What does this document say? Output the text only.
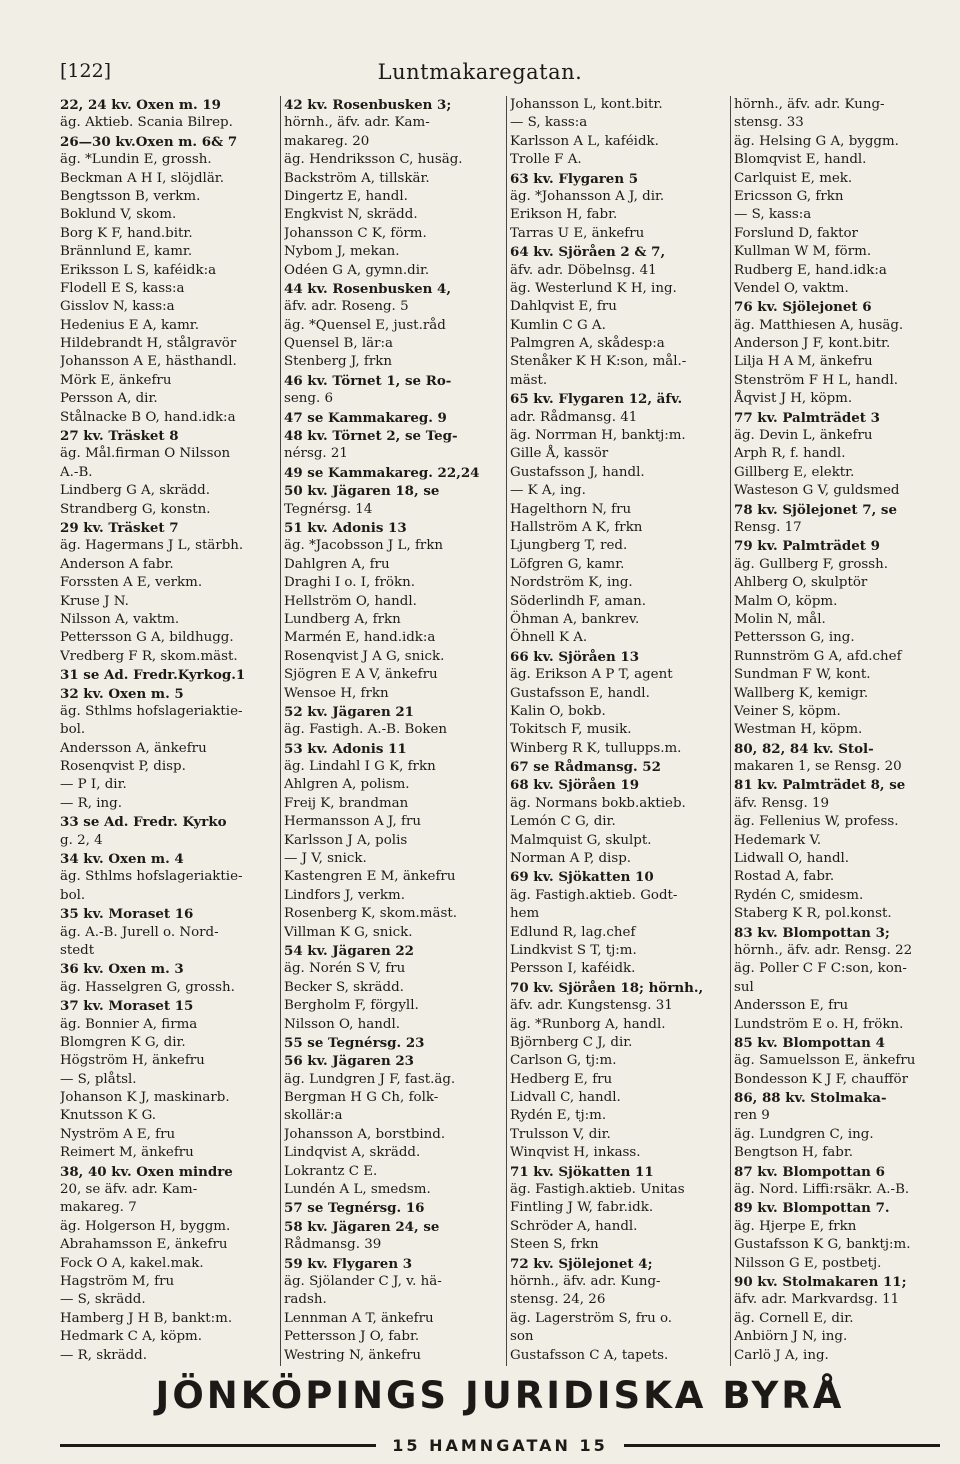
[122]	Luntmakaregatan.
22, 24 kv. Oxen m. 19
äg. Aktieb. Scania Bilrep.
26—30 kv.Oxen m. 6& 7
äg. *Lundin E, grossh.
Beckman A H I, slöjdlär.
Bengtsson B, verkm.
Boklund V, skom.
Borg K F, hand.bitr.
Brännlund E, kamr.
Eriksson L S, kaféidk:a
Flodell E S, kass:a
Gisslov N, kass:a
Hedenius E A, kamr.
Hildebrandt H, stålgravör
Johansson A E, hästhandl.
Mörk E, änkefru
Persson A, dir.
Stålnacke B O, hand.idk:a
27 kv. Träsket 8
äg. Mål.firman O Nilsson
A.-B.
Lindberg G A, skrädd.
Strandberg G, konstn.
29 kv. Träsket 7
äg. Hagermans J L, stärbh.
Anderson A fabr.
Forssten A E, verkm.
Kruse J N.
Nilsson A, vaktm.
Pettersson G A, bildhugg.
Vredberg F R, skom.mäst.
31 se Ad. Fredr.Kyrkog.1
32 kv. Oxen m. 5
äg. Sthlms hofslageriaktie-
bol.
Andersson A, änkefru
Rosenqvist P, disp.
— P I, dir.
— R, ing.
33 se Ad. Fredr. Kyrko
g. 2, 4
34 kv. Oxen m. 4
äg. Sthlms hofslageriaktie-
bol.
35 kv. Moraset 16
äg. A.-B. Jurell o. Nord-
stedt
36 kv. Oxen m. 3
äg. Hasselgren G, grossh.
37 kv. Moraset 15
äg. Bonnier A, firma
Blomgren K G, dir.
Högström H, änkefru
— S, plåtsl.
Johanson K J, maskinarb.
Knutsson K G.
Nyström A E, fru
Reimert M, änkefru
38, 40 kv. Oxen mindre
20, se äfv. adr. Kam-
makareg. 7
äg. Holgerson H, byggm.
Abrahamsson E, änkefru
Fock O A, kakel.mak.
Hagström M, fru
— S, skrädd.
Hamberg J H B, bankt:m.
Hedmark C A, köpm.
— R, skrädd.
42 kv. Rosenbusken 3;
hörnh., äfv. adr. Kam-
makareg. 20
äg. Hendriksson C, husäg.
Backström A, tillskär.
Dingertz E, handl.
Engkvist N, skrädd.
Johansson C K, förm.
Nybom J, mekan.
Odéen G A, gymn.dir.
44 kv. Rosenbusken 4,
äfv. adr. Roseng. 5
äg. *Quensel E, just.råd
Quensel B, lär:a
Stenberg J, frkn
46 kv. Törnet 1, se Ro-
seng. 6
47 se Kammakareg. 9
48 kv. Törnet 2, se Teg-
nérsg. 21
49 se Kammakareg. 22,24
50 kv. Jägaren 18, se
Tegnérsg. 14
51 kv. Adonis 13
äg. *Jacobsson J L, frkn
Dahlgren A, fru
Draghi I o. I, frökn.
Hellström O, handl.
Lundberg A, frkn
Marmén E, hand.idk:a
Rosenqvist J A G, snick.
Sjögren E A V, änkefru
Wensoe H, frkn
52 kv. Jägaren 21
äg. Fastigh. A.-B. Boken
53 kv. Adonis 11
äg. Lindahl I G K, frkn
Ahlgren A, polism.
Freij K, brandman
Hermansson A J, fru
Karlsson J A, polis
— J V, snick.
Kastengren E M, änkefru
Lindfors J, verkm.
Rosenberg K, skom.mäst.
Villman K G, snick.
54 kv. Jägaren 22
äg. Norén S V, fru
Becker S, skrädd.
Bergholm F, förgyll.
Nilsson O, handl.
55 se Tegnérsg. 23
56 kv. Jägaren 23
äg. Lundgren J F, fast.äg.
Bergman H G Ch, folk-
skollär:a
Johansson A, borstbind.
Lindqvist A, skrädd.
Lokrantz C E.
Lundén A L, smedsm.
57 se Tegnérsg. 16
58 kv. Jägaren 24, se
Rådmansg. 39
59 kv. Flygaren 3
äg. Sjölander C J, v. hä-
radsh.
Lennman A T, änkefru
Pettersson J O, fabr.
Westring N, änkefru
Johansson L, kont.bitr.
— S, kass:a
Karlsson A L, kaféidk.
Trolle F A.
63 kv. Flygaren 5
äg. *Johansson A J, dir.
Erikson H, fabr.
Tarras U E, änkefru
64 kv. Sjöråen 2 & 7,
äfv. adr. Döbelnsg. 41
äg. Westerlund K H, ing.
Dahlqvist E, fru
Kumlin C G A.
Palmgren A, skådesp:a
Stenåker K H K:son, mål.-
mäst.
65 kv. Flygaren 12, äfv.
adr. Rådmansg. 41
äg. Norrman H, banktj:m.
Gille Å, kassör
Gustafsson J, handl.
— K A, ing.
Hagelthorn N, fru
Hallström A K, frkn
Ljungberg T, red.
Löfgren G, kamr.
Nordström K, ing.
Söderlindh F, aman.
Öhman A, bankrev.
Öhnell K A.
66 kv. Sjöråen 13
äg. Erikson A P T, agent
Gustafsson E, handl.
Kalin O, bokb.
Tokitsch F, musik.
Winberg R K, tullupps.m.
67 se Rådmansg. 52
68 kv. Sjöråen 19
äg. Normans bokb.aktieb.
Lemón C G, dir.
Malmquist G, skulpt.
Norman A P, disp.
69 kv. Sjökatten 10
äg. Fastigh.aktieb. Godt-
hem
Edlund R, lag.chef
Lindkvist S T, tj:m.
Persson I, kaféidk.
70 kv. Sjöråen 18; hörnh.,
äfv. adr. Kungstensg. 31
äg. *Runborg A, handl.
Björnberg C J, dir.
Carlson G, tj:m.
Hedberg E, fru
Lidvall C, handl.
Rydén E, tj:m.
Trulsson V, dir.
Winqvist H, inkass.
71 kv. Sjökatten 11
äg. Fastigh.aktieb. Unitas
Fintling J W, fabr.idk.
Schröder A, handl.
Steen S, frkn
72 kv. Sjölejonet 4;
hörnh., äfv. adr. Kung-
stensg. 24, 26
äg. Lagerström S, fru o.
son
Gustafsson C A, tapets.
hörnh., äfv. adr. Kung-
stensg. 33
äg. Helsing G A, byggm.
Blomqvist E, handl.
Carlquist E, mek.
Ericsson G, frkn
— S, kass:a
Forslund D, faktor
Kullman W M, förm.
Rudberg E, hand.idk:a
Vendel O, vaktm.
76 kv. Sjölejonet 6
äg. Matthiesen A, husäg.
Anderson J F, kont.bitr.
Lilja H A M, änkefru
Stenström F H L, handl.
Åqvist J H, köpm.
77 kv. Palmträdet 3
äg. Devin L, änkefru
Arph R, f. handl.
Gillberg E, elektr.
Wasteson G V, guldsmed
78 kv. Sjölejonet 7, se
Rensg. 17
79 kv. Palmträdet 9
äg. Gullberg F, grossh.
Ahlberg O, skulptör
Malm O, köpm.
Molin N, mål.
Pettersson G, ing.
Runnström G A, afd.chef
Sundman F W, kont.
Wallberg K, kemigr.
Veiner S, köpm.
Westman H, köpm.
80, 82, 84 kv. Stol-
makaren 1, se Rensg. 20
81 kv. Palmträdet 8, se
äfv. Rensg. 19
äg. Fellenius W, profess.
Hedemark V.
Lidwall O, handl.
Rostad A, fabr.
Rydén C, smidesm.
Staberg K R, pol.konst.
83 kv. Blompottan 3;
hörnh., äfv. adr. Rensg. 22
äg. Poller C F C:son, kon-
sul
Andersson E, fru
Lundström E o. H, frökn.
85 kv. Blompottan 4
äg. Samuelsson E, änkefru
Bondesson K J F, chaufför
86, 88 kv. Stolmaka-
ren 9
äg. Lundgren C, ing.
Bengtson H, fabr.
87 kv. Blompottan 6
äg. Nord. Liffi:rsäkr. A.-B.
89 kv. Blompottan 7.
äg. Hjerpe E, frkn
Gustafsson K G, banktj:m.
Nilsson G E, postbetj.
90 kv. Stolmakaren 11;
äfv. adr. Markvardsg. 11
äg. Cornell E, dir.
Anbiörn J N, ing.
Carlö J A, ing.
JÖNKÖPINGS JURIDISKA BYRÅ
15 HAMNGATAN 15
